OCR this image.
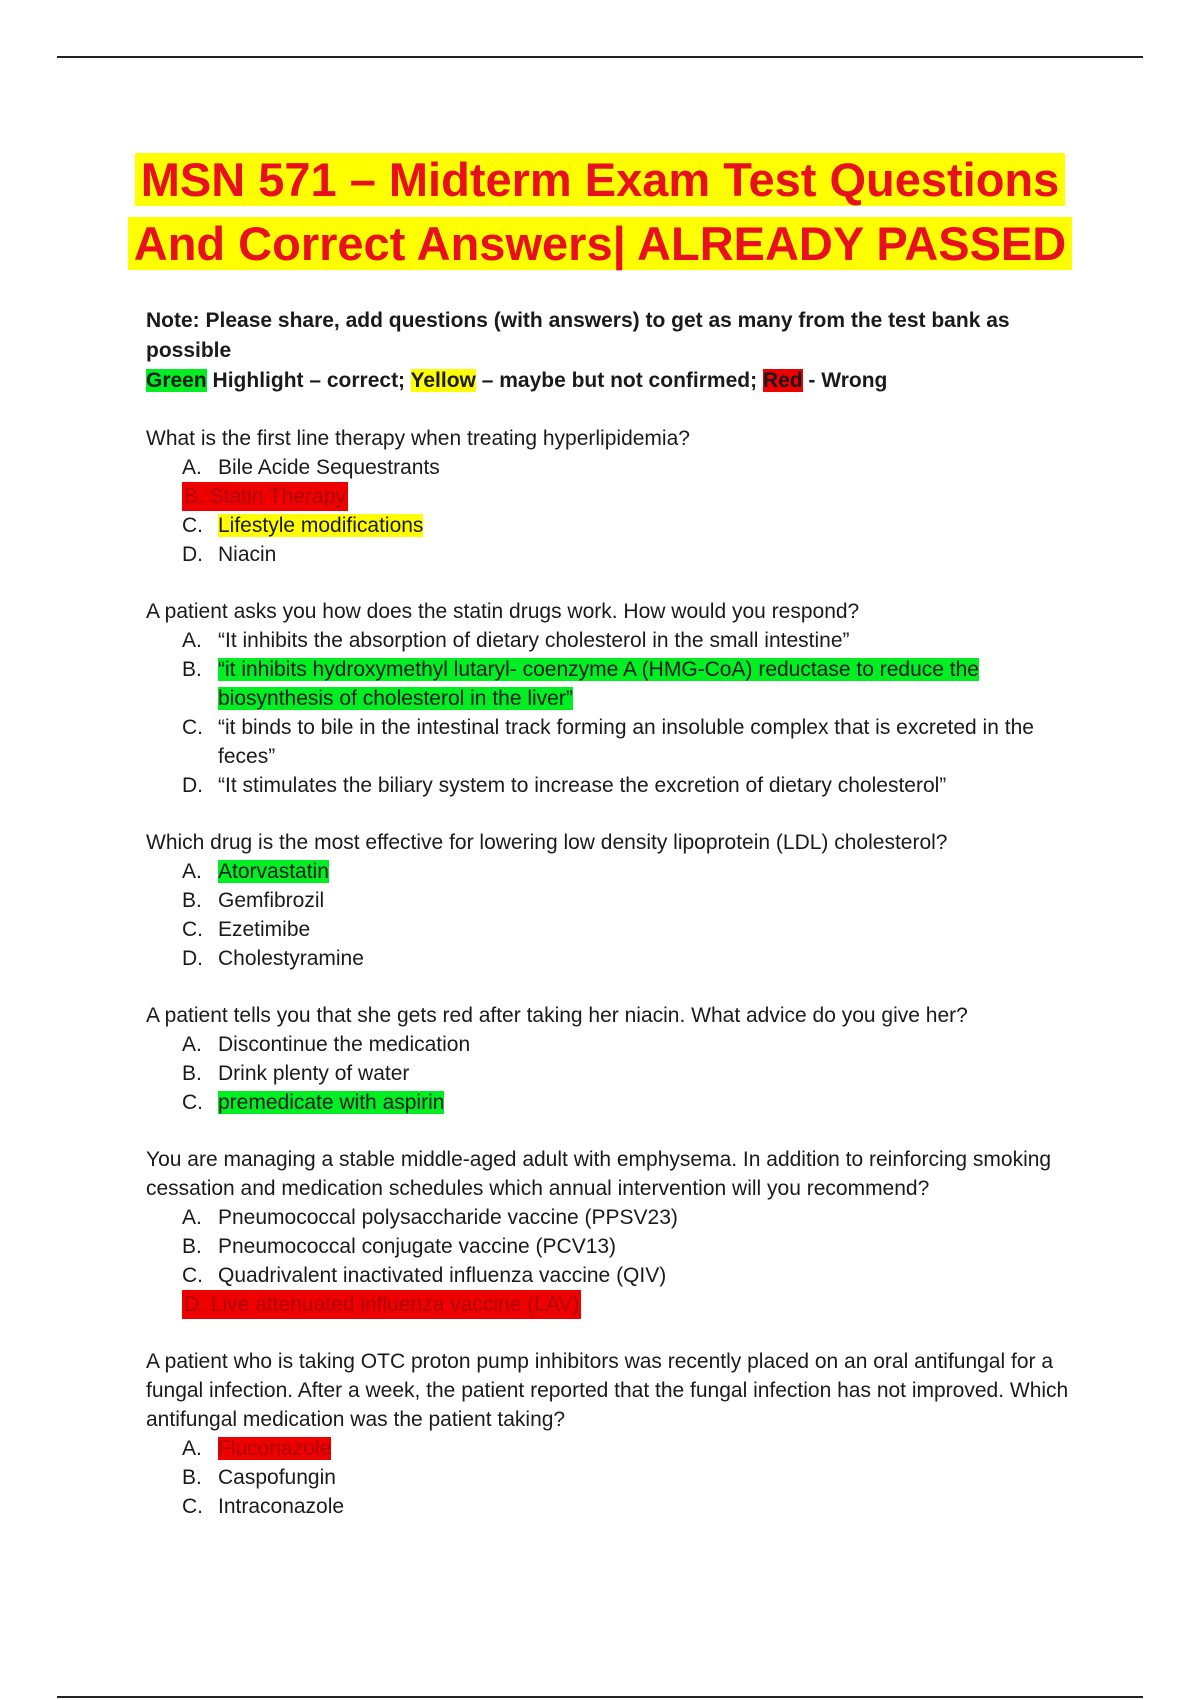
MSN 571 – Midterm Exam Test Questions
And Correct Answers| ALREADY PASSED
Note: Please share, add questions (with answers) to get as many from the test bank as possible
Green Highlight – correct; Yellow – maybe but not confirmed; Red - Wrong
What is the first line therapy when treating hyperlipidemia?
A. Bile Acide Sequestrants
B. Statin Therapy
C. Lifestyle modifications
D. Niacin
A patient asks you how does the statin drugs work. How would you respond?
A. “It inhibits the absorption of dietary cholesterol in the small intestine”
B. “it inhibits hydroxymethyl lutaryl- coenzyme A (HMG-CoA) reductase to reduce the biosynthesis of cholesterol in the liver”
C. “it binds to bile in the intestinal track forming an insoluble complex that is excreted in the feces”
D. “It stimulates the biliary system to increase the excretion of dietary cholesterol”
Which drug is the most effective for lowering low density lipoprotein (LDL) cholesterol?
A. Atorvastatin
B. Gemfibrozil
C. Ezetimibe
D. Cholestyramine
A patient tells you that she gets red after taking her niacin. What advice do you give her?
A. Discontinue the medication
B. Drink plenty of water
C. premedicate with aspirin
You are managing a stable middle-aged adult with emphysema. In addition to reinforcing smoking cessation and medication schedules which annual intervention will you recommend?
A. Pneumococcal polysaccharide vaccine (PPSV23)
B. Pneumococcal conjugate vaccine (PCV13)
C. Quadrivalent inactivated influenza vaccine (QIV)
D. Live attenuated influenza vaccine (LAV)
A patient who is taking OTC proton pump inhibitors was recently placed on an oral antifungal for a fungal infection. After a week, the patient reported that the fungal infection has not improved. Which antifungal medication was the patient taking?
A. Fluconazole
B. Caspofungin
C. Intraconazole
